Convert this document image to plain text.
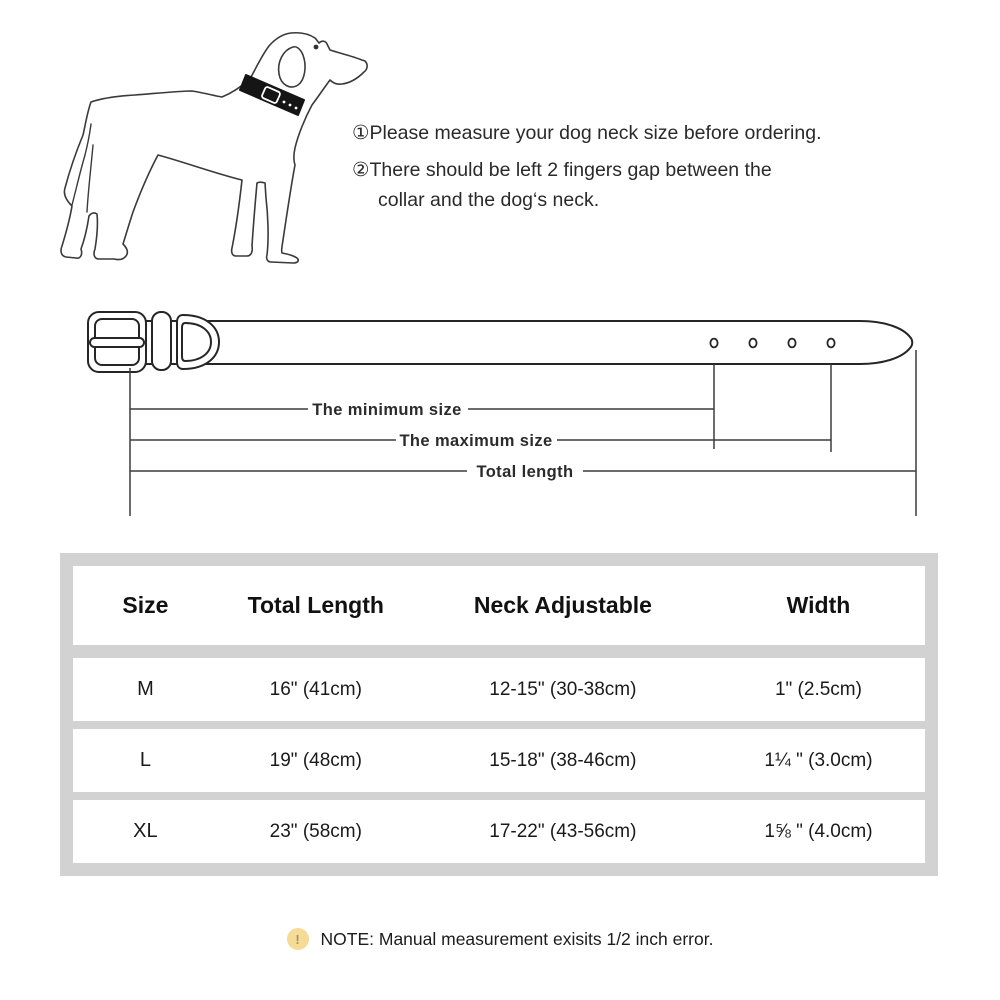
①Please measure your dog neck size before ordering.

②There should be left 2 fingers gap between the

collar and the dog‘s neck.

The minimum size
The maximum size
Total length
Size	Total Length	Neck Adjustable	Width
M	16" (41cm)	12-15" (30-38cm)	1" (2.5cm)
L	19" (48cm)	15-18" (38-46cm)	1¼ " (3.0cm)
XL	23" (58cm)	17-22" (43-56cm)	1⅝ " (4.0cm)
!	NOTE: Manual measurement exisits 1/2 inch error.
